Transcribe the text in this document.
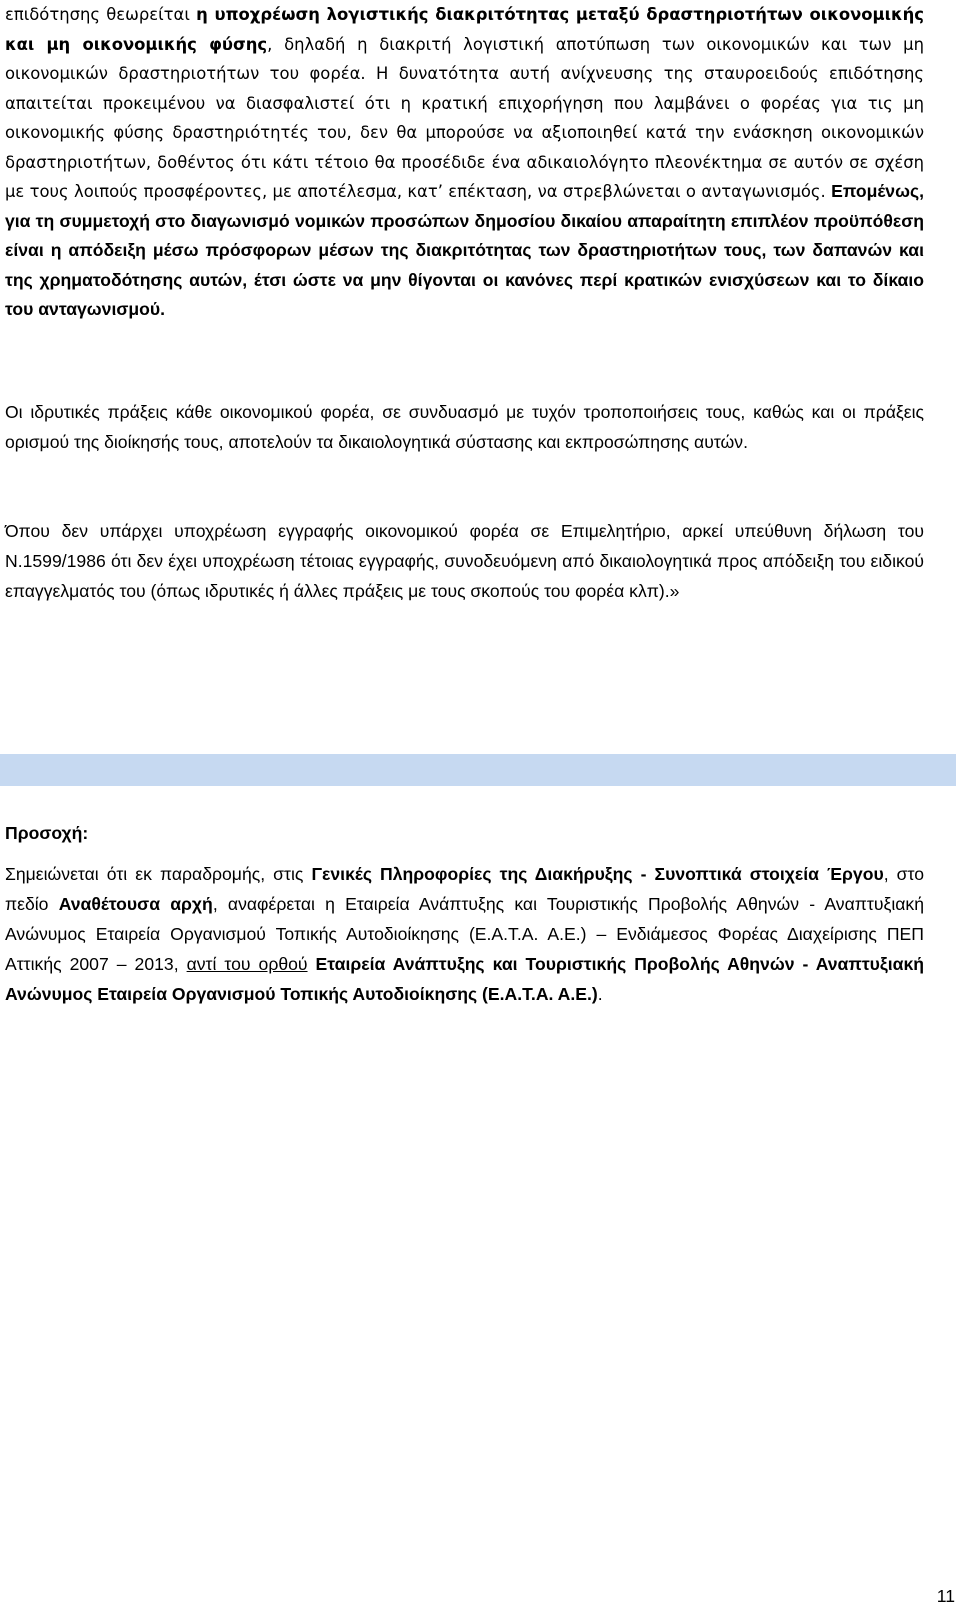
επιδότησης θεωρείται η υποχρέωση λογιστικής διακριτότητας μεταξύ δραστηριοτήτων οικονομικής και μη οικονομικής φύσης, δηλαδή η διακριτή λογιστική αποτύπωση των οικονομικών και των μη οικονομικών δραστηριοτήτων του φορέα. Η δυνατότητα αυτή ανίχνευσης της σταυροειδούς επιδότησης απαιτείται προκειμένου να διασφαλιστεί ότι η κρατική επιχορήγηση που λαμβάνει ο φορέας για τις μη οικονομικής φύσης δραστηριότητές του, δεν θα μπορούσε να αξιοποιηθεί κατά την ενάσκηση οικονομικών δραστηριοτήτων, δοθέντος ότι κάτι τέτοιο θα προσέδιδε ένα αδικαιολόγητο πλεονέκτημα σε αυτόν σε σχέση με τους λοιπούς προσφέροντες, με αποτέλεσμα, κατ’ επέκταση, να στρεβλώνεται ο ανταγωνισμός. Επομένως, για τη συμμετοχή στο διαγωνισμό νομικών προσώπων δημοσίου δικαίου απαραίτητη επιπλέον προϋπόθεση είναι η απόδειξη μέσω πρόσφορων μέσων της διακριτότητας των δραστηριοτήτων τους, των δαπανών και της χρηματοδότησης αυτών, έτσι ώστε να μην θίγονται οι κανόνες περί κρατικών ενισχύσεων και το δίκαιο του ανταγωνισμού.

Οι ιδρυτικές πράξεις κάθε οικονομικού φορέα, σε συνδυασμό με τυχόν τροποποιήσεις τους, καθώς και οι πράξεις ορισμού της διοίκησής τους, αποτελούν τα δικαιολογητικά σύστασης και εκπροσώπησης αυτών.

Όπου δεν υπάρχει υποχρέωση εγγραφής οικονομικού φορέα σε Επιμελητήριο, αρκεί υπεύθυνη δήλωση του Ν.1599/1986 ότι δεν έχει υποχρέωση τέτοιας εγγραφής, συνοδευόμενη από δικαιολογητικά προς απόδειξη του ειδικού επαγγελματός του (όπως ιδρυτικές ή άλλες πράξεις με τους σκοπούς του φορέα κλπ).»

Προσοχή:

Σημειώνεται ότι εκ παραδρομής, στις Γενικές Πληροφορίες της Διακήρυξης - Συνοπτικά στοιχεία Έργου, στο πεδίο Αναθέτουσα αρχή, αναφέρεται η Εταιρεία Ανάπτυξης και Τουριστικής Προβολής Αθηνών - Αναπτυξιακή Ανώνυμος Εταιρεία Οργανισμού Τοπικής Αυτοδιοίκησης (Ε.Α.Τ.Α. Α.Ε.) – Ενδιάμεσος Φορέας Διαχείρισης ΠΕΠ Αττικής 2007 – 2013, αντί του ορθού Εταιρεία Ανάπτυξης και Τουριστικής Προβολής Αθηνών - Αναπτυξιακή Ανώνυμος Εταιρεία Οργανισμού Τοπικής Αυτοδιοίκησης (Ε.Α.Τ.Α. Α.Ε.).

11
